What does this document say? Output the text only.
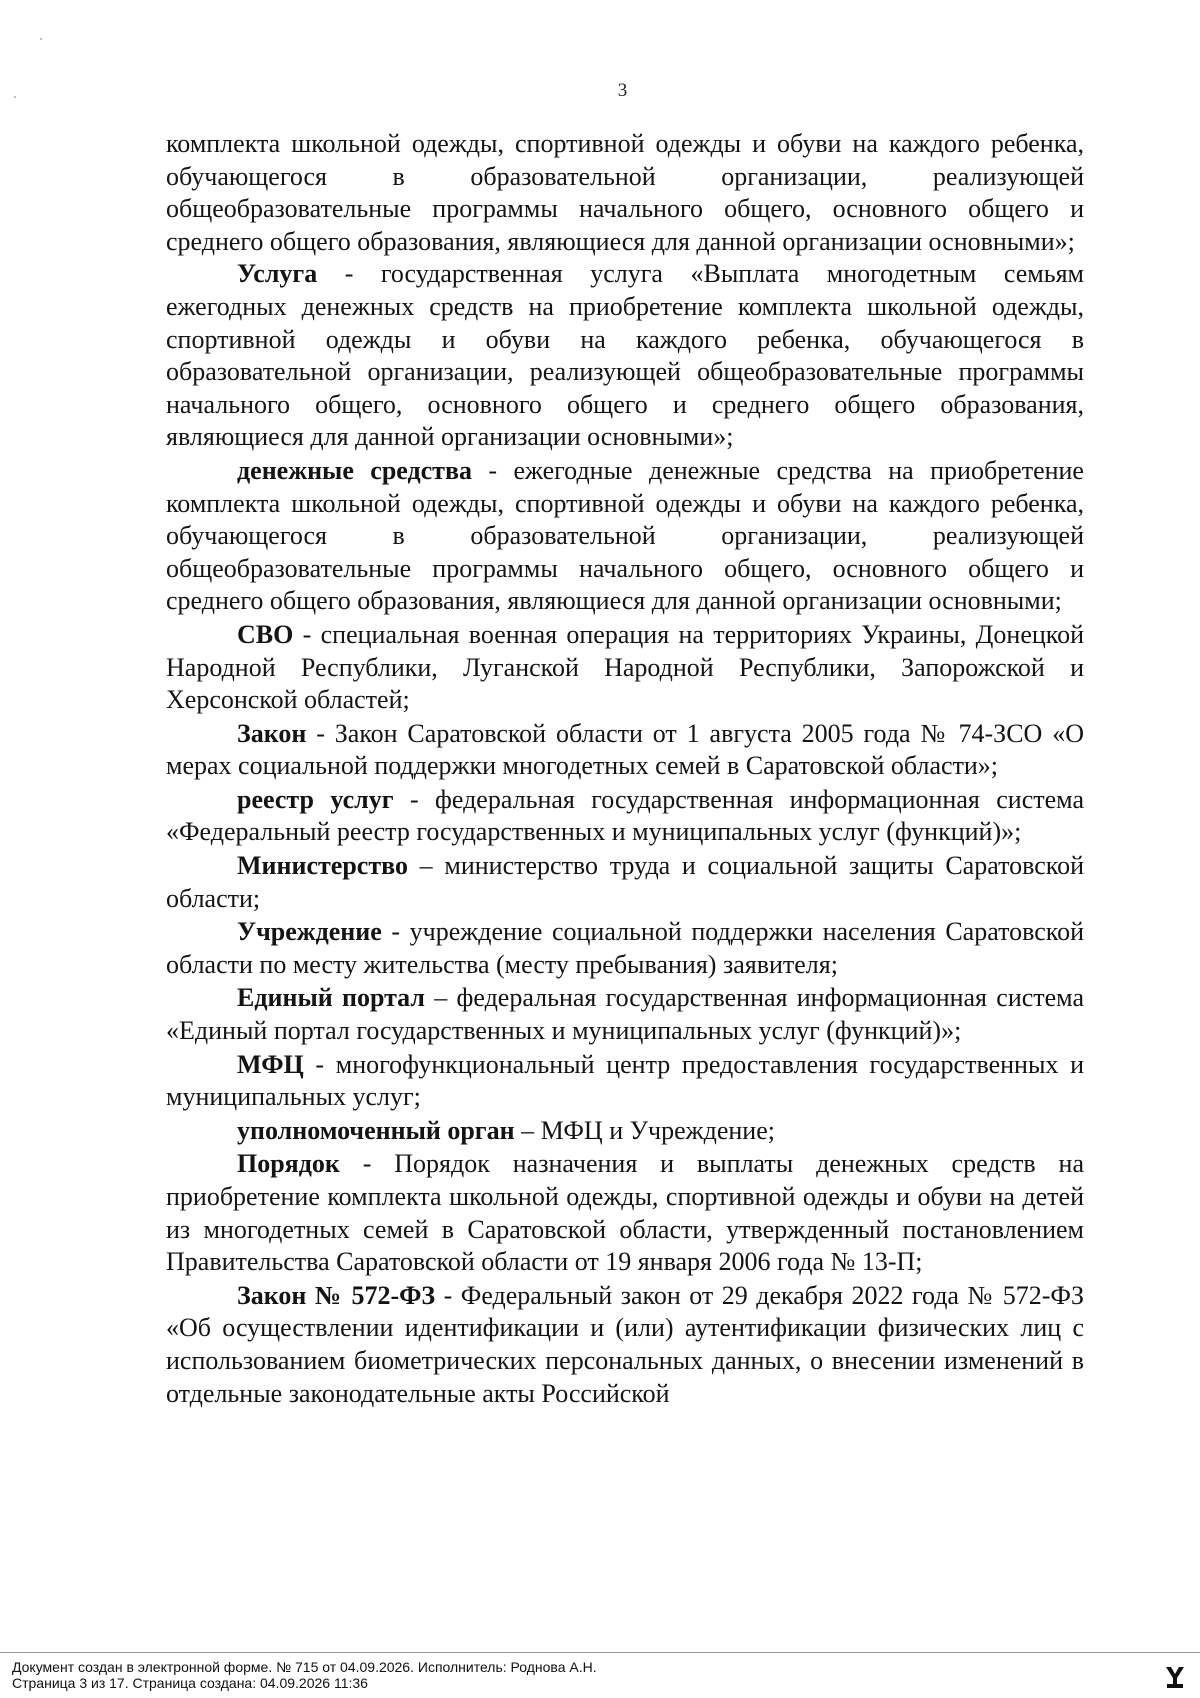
3

комплекта школьной одежды, спортивной одежды и обуви на каждого ребенка, обучающегося в образовательной организации, реализующей общеобразовательные программы начального общего, основного общего и среднего общего образования, являющиеся для данной организации основными»;

Услуга - государственная услуга «Выплата многодетным семьям ежегодных денежных средств на приобретение комплекта школьной одежды, спортивной одежды и обуви на каждого ребенка, обучающегося в образовательной организации, реализующей общеобразовательные программы начального общего, основного общего и среднего общего образования, являющиеся для данной организации основными»;

денежные средства - ежегодные денежные средства на приобретение комплекта школьной одежды, спортивной одежды и обуви на каждого ребенка, обучающегося в образовательной организации, реализующей общеобразовательные программы начального общего, основного общего и среднего общего образования, являющиеся для данной организации основными;

СВО - специальная военная операция на территориях Украины, Донецкой Народной Республики, Луганской Народной Республики, Запорожской и Херсонской областей;

Закон - Закон Саратовской области от 1 августа 2005 года № 74-ЗСО «О мерах социальной поддержки многодетных семей в Саратовской области»;

реестр услуг - федеральная государственная информационная система «Федеральный реестр государственных и муниципальных услуг (функций)»;

Министерство – министерство труда и социальной защиты Саратовской области;

Учреждение - учреждение социальной поддержки населения Саратовской области по месту жительства (месту пребывания) заявителя;

Единый портал – федеральная государственная информационная система «Единый портал государственных и муниципальных услуг (функций)»;

МФЦ - многофункциональный центр предоставления государственных и муниципальных услуг;

уполномоченный орган – МФЦ и Учреждение;

Порядок - Порядок назначения и выплаты денежных средств на приобретение комплекта школьной одежды, спортивной одежды и обуви на детей из многодетных семей в Саратовской области, утвержденный постановлением Правительства Саратовской области от 19 января 2006 года № 13-П;

Закон № 572-ФЗ - Федеральный закон от 29 декабря 2022 года № 572-ФЗ «Об осуществлении идентификации и (или) аутентификации физических лиц с использованием биометрических персональных данных, о внесении изменений в отдельные законодательные акты Российской

Документ создан в электронной форме. № 715 от 04.09.2026. Исполнитель: Роднова А.Н.
Страница 3 из 17. Страница создана: 04.09.2026 11:36
